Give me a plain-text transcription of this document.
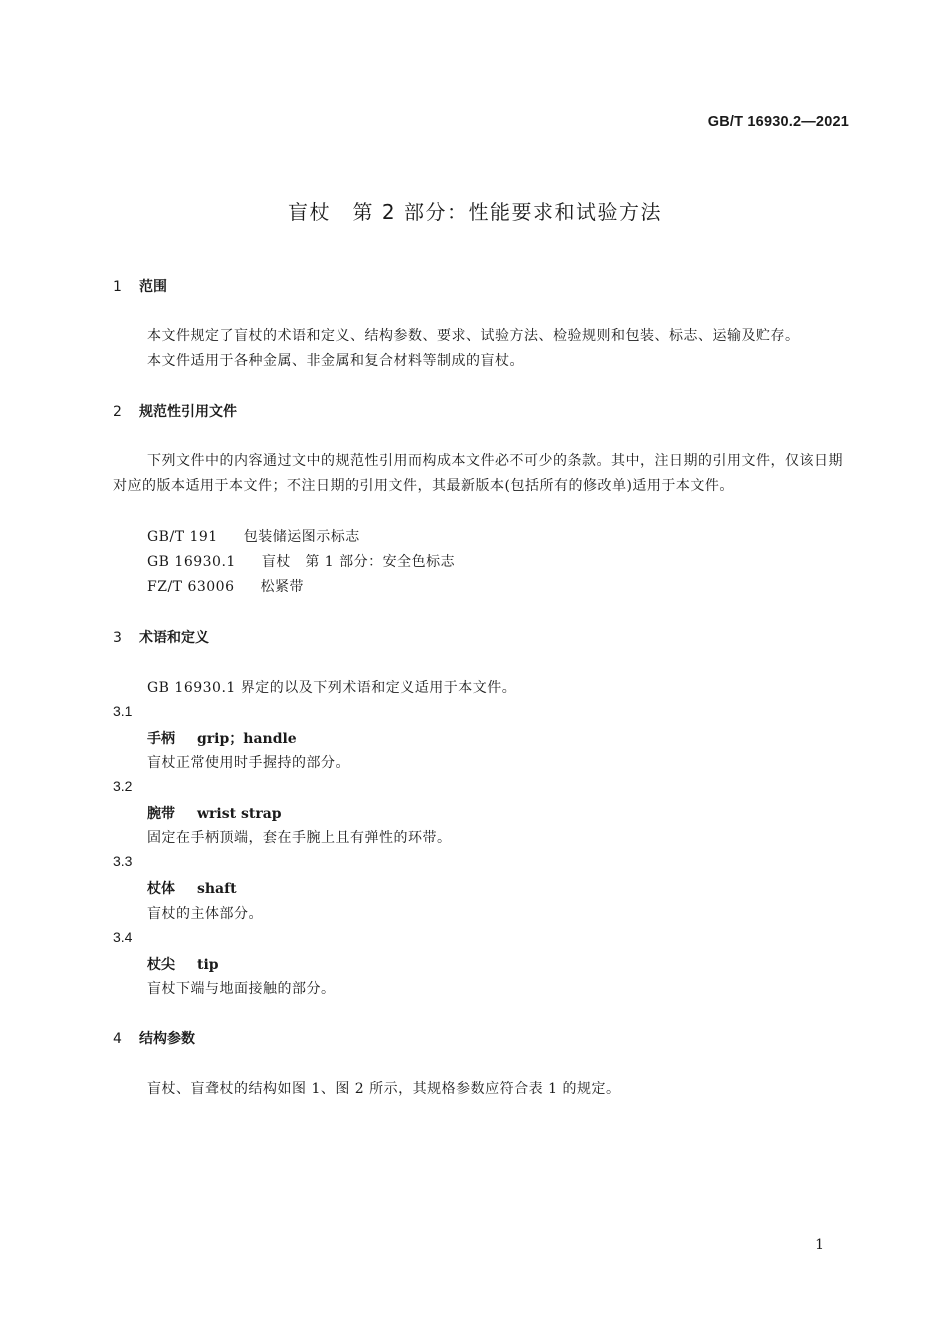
GB/T 16930.2—2021
盲杖　第 2 部分：性能要求和试验方法
1 范围
本文件规定了盲杖的术语和定义、结构参数、要求、试验方法、检验规则和包装、标志、运输及贮存。
本文件适用于各种金属、非金属和复合材料等制成的盲杖。
2 规范性引用文件
下列文件中的内容通过文中的规范性引用而构成本文件必不可少的条款。其中，注日期的引用文件，仅该日期对应的版本适用于本文件；不注日期的引用文件，其最新版本(包括所有的修改单)适用于本文件。
GB/T 191 包装储运图示标志
GB 16930.1 盲杖　第 1 部分：安全色标志
FZ/T 63006 松紧带
3 术语和定义
GB 16930.1 界定的以及下列术语和定义适用于本文件。
3.1
手柄 grip；handle
盲杖正常使用时手握持的部分。
3.2
腕带 wrist strap
固定在手柄顶端，套在手腕上且有弹性的环带。
3.3
杖体 shaft
盲杖的主体部分。
3.4
杖尖 tip
盲杖下端与地面接触的部分。
4 结构参数
盲杖、盲聋杖的结构如图 1、图 2 所示，其规格参数应符合表 1 的规定。
1
